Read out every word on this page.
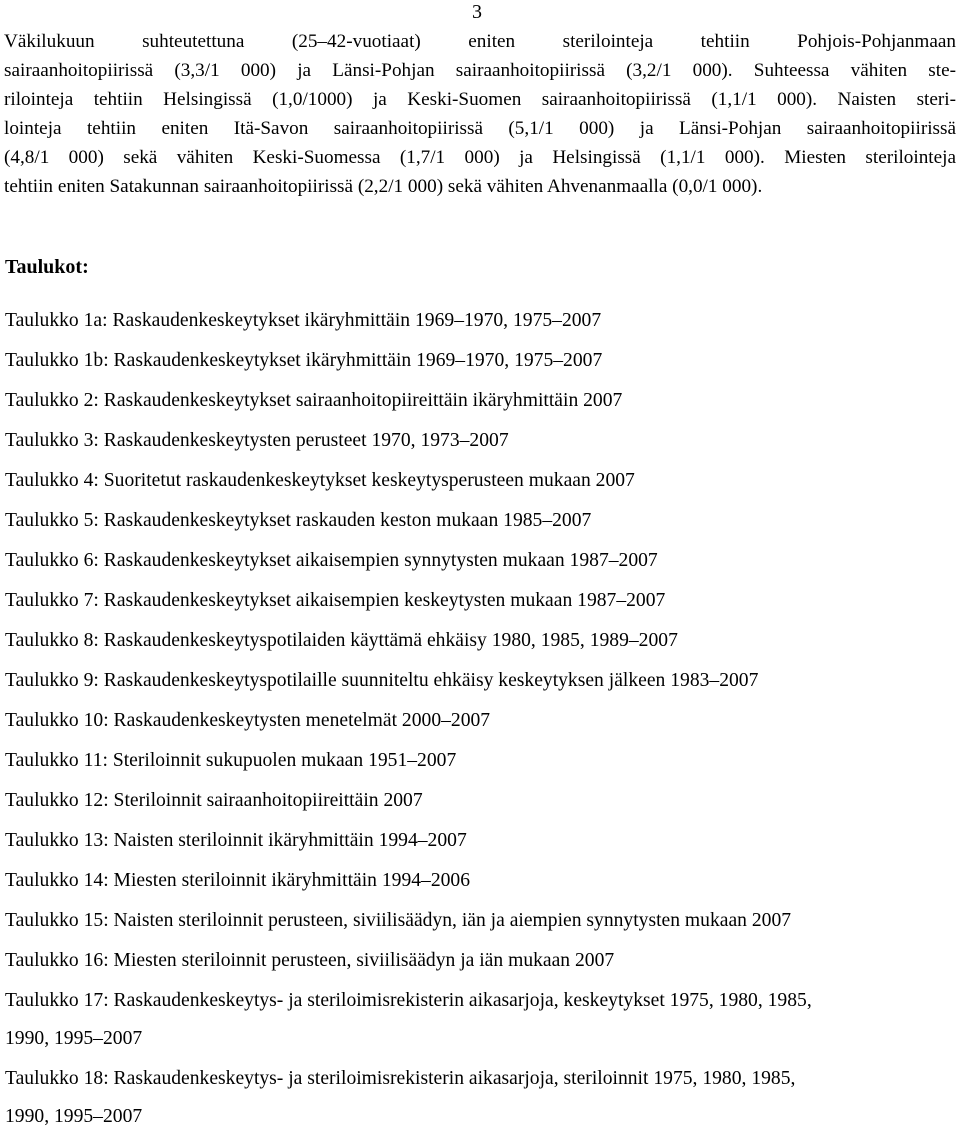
3
Väkilukuun suhteutettuna (25–42-vuotiaat) eniten sterilointeja tehtiin Pohjois-Pohjanmaan
sairaanhoitopiirissä (3,3/1 000) ja Länsi-Pohjan sairaanhoitopiirissä (3,2/1 000). Suhteessa vähiten ste-
rilointeja tehtiin Helsingissä (1,0/1000) ja Keski-Suomen sairaanhoitopiirissä (1,1/1 000). Naisten steri-
lointeja tehtiin eniten Itä-Savon sairaanhoitopiirissä (5,1/1 000) ja Länsi-Pohjan sairaanhoitopiirissä
(4,8/1 000) sekä vähiten Keski-Suomessa (1,7/1 000) ja Helsingissä (1,1/1 000). Miesten sterilointeja
tehtiin eniten Satakunnan sairaanhoitopiirissä (2,2/1 000) sekä vähiten Ahvenanmaalla (0,0/1 000).
Taulukot:
Taulukko 1a: Raskaudenkeskeytykset ikäryhmittäin 1969–1970, 1975–2007
Taulukko 1b: Raskaudenkeskeytykset ikäryhmittäin 1969–1970, 1975–2007
Taulukko 2: Raskaudenkeskeytykset sairaanhoitopiireittäin ikäryhmittäin 2007
Taulukko 3: Raskaudenkeskeytysten perusteet 1970, 1973–2007
Taulukko 4: Suoritetut raskaudenkeskeytykset keskeytysperusteen mukaan 2007
Taulukko 5: Raskaudenkeskeytykset raskauden keston mukaan 1985–2007
Taulukko 6: Raskaudenkeskeytykset aikaisempien synnytysten mukaan 1987–2007
Taulukko 7: Raskaudenkeskeytykset aikaisempien keskeytysten mukaan 1987–2007
Taulukko 8: Raskaudenkeskeytyspotilaiden käyttämä ehkäisy 1980, 1985, 1989–2007
Taulukko 9: Raskaudenkeskeytyspotilaille suunniteltu ehkäisy keskeytyksen jälkeen 1983–2007
Taulukko 10: Raskaudenkeskeytysten menetelmät 2000–2007
Taulukko 11: Steriloinnit sukupuolen mukaan 1951–2007
Taulukko 12: Steriloinnit sairaanhoitopiireittäin 2007
Taulukko 13: Naisten steriloinnit ikäryhmittäin 1994–2007
Taulukko 14: Miesten steriloinnit ikäryhmittäin 1994–2006
Taulukko 15: Naisten steriloinnit perusteen, siviilisäädyn, iän ja aiempien synnytysten mukaan 2007
Taulukko 16: Miesten steriloinnit perusteen, siviilisäädyn ja iän mukaan 2007
Taulukko 17: Raskaudenkeskeytys- ja steriloimisrekisterin aikasarjoja, keskeytykset 1975, 1980, 1985,
1990, 1995–2007
Taulukko 18: Raskaudenkeskeytys- ja steriloimisrekisterin aikasarjoja, steriloinnit 1975, 1980, 1985,
1990, 1995–2007
